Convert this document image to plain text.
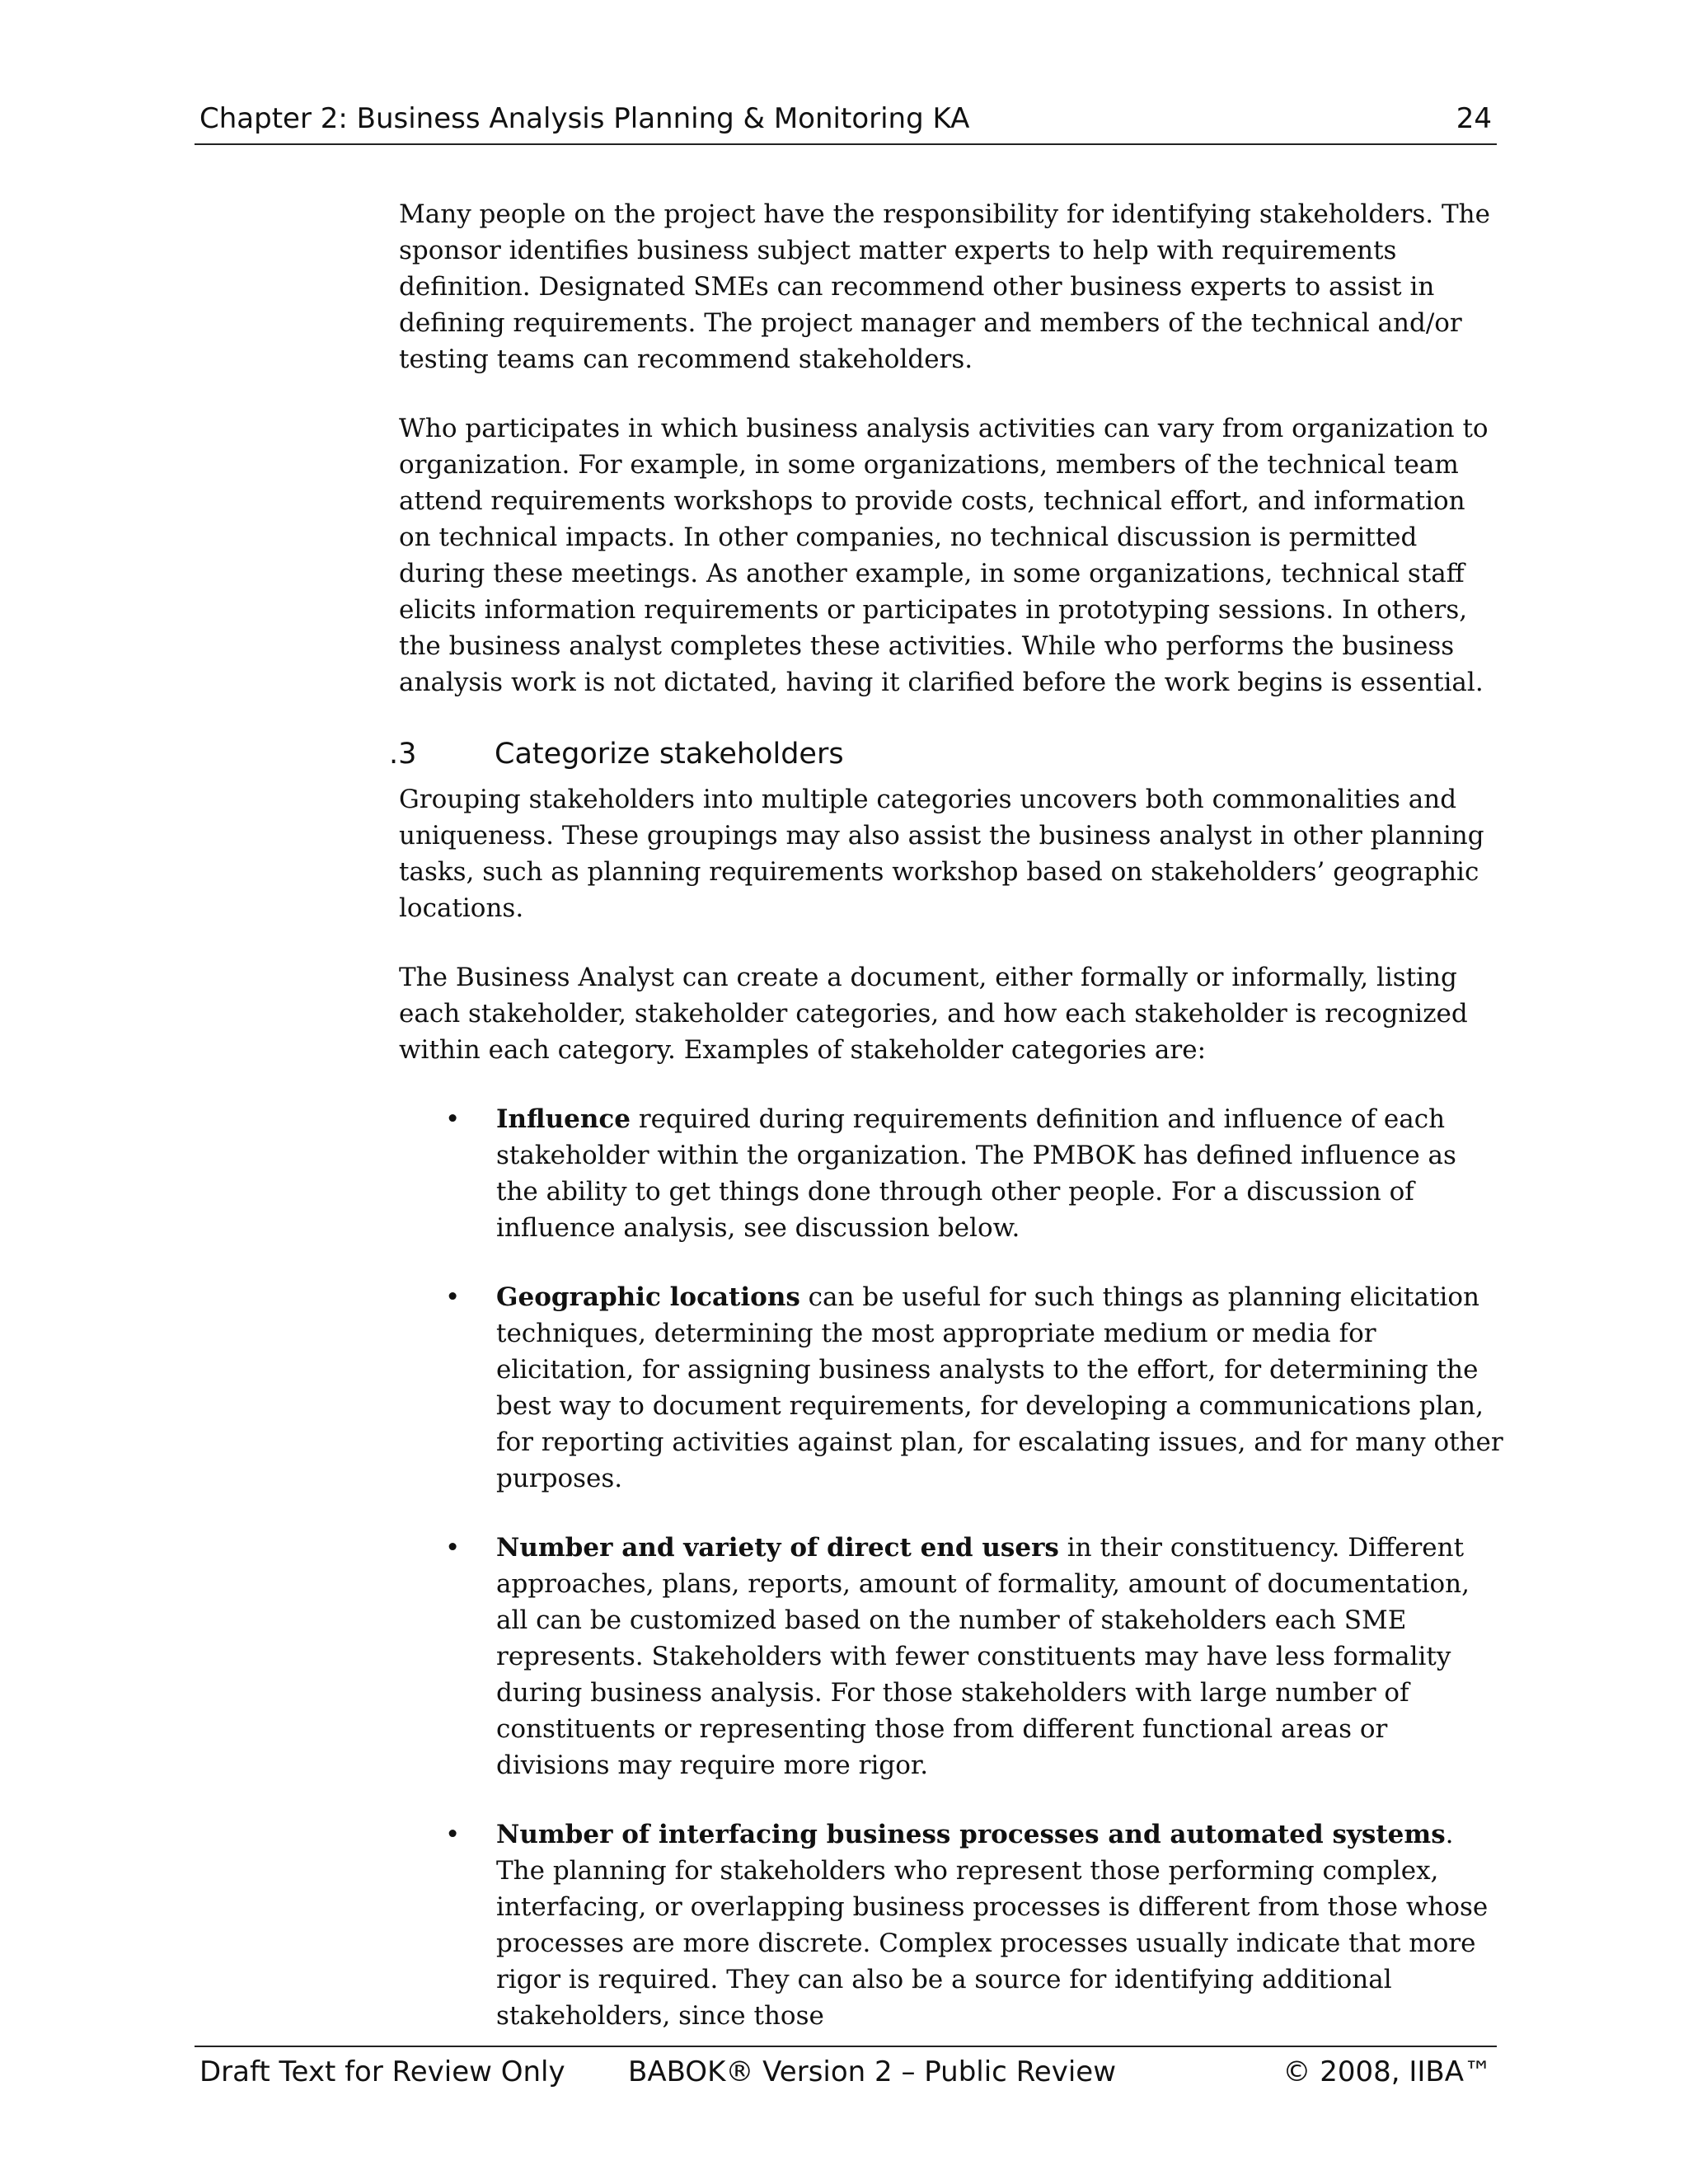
Chapter 2: Business Analysis Planning & Monitoring KA	24

Many people on the project have the responsibility for identifying stakeholders. The sponsor identifies business subject matter experts to help with requirements definition. Designated SMEs can recommend other business experts to assist in defining requirements. The project manager and members of the technical and/or testing teams can recommend stakeholders.

Who participates in which business analysis activities can vary from organization to organization. For example, in some organizations, members of the technical team attend requirements workshops to provide costs, technical effort, and information on technical impacts. In other companies, no technical discussion is permitted during these meetings. As another example, in some organizations, technical staff elicits information requirements or participates in prototyping sessions. In others, the business analyst completes these activities. While who performs the business analysis work is not dictated, having it clarified before the work begins is essential.

.3	Categorize stakeholders

Grouping stakeholders into multiple categories uncovers both commonalities and uniqueness. These groupings may also assist the business analyst in other planning tasks, such as planning requirements workshop based on stakeholders’ geographic locations.

The Business Analyst can create a document, either formally or informally, listing each stakeholder, stakeholder categories, and how each stakeholder is recognized within each category. Examples of stakeholder categories are:

• Influence required during requirements definition and influence of each stakeholder within the organization. The PMBOK has defined influence as the ability to get things done through other people. For a discussion of influence analysis, see discussion below.
• Geographic locations can be useful for such things as planning elicitation techniques, determining the most appropriate medium or media for elicitation, for assigning business analysts to the effort, for determining the best way to document requirements, for developing a communications plan, for reporting activities against plan, for escalating issues, and for many other purposes.
• Number and variety of direct end users in their constituency. Different approaches, plans, reports, amount of formality, amount of documentation, all can be customized based on the number of stakeholders each SME represents. Stakeholders with fewer constituents may have less formality during business analysis. For those stakeholders with large number of constituents or representing those from different functional areas or divisions may require more rigor.
• Number of interfacing business processes and automated systems. The planning for stakeholders who represent those performing complex, interfacing, or overlapping business processes is different from those whose processes are more discrete. Complex processes usually indicate that more rigor is required. They can also be a source for identifying additional stakeholders, since those
Draft Text for Review Only BABOK® Version 2 – Public Review	© 2008, IIBA™
